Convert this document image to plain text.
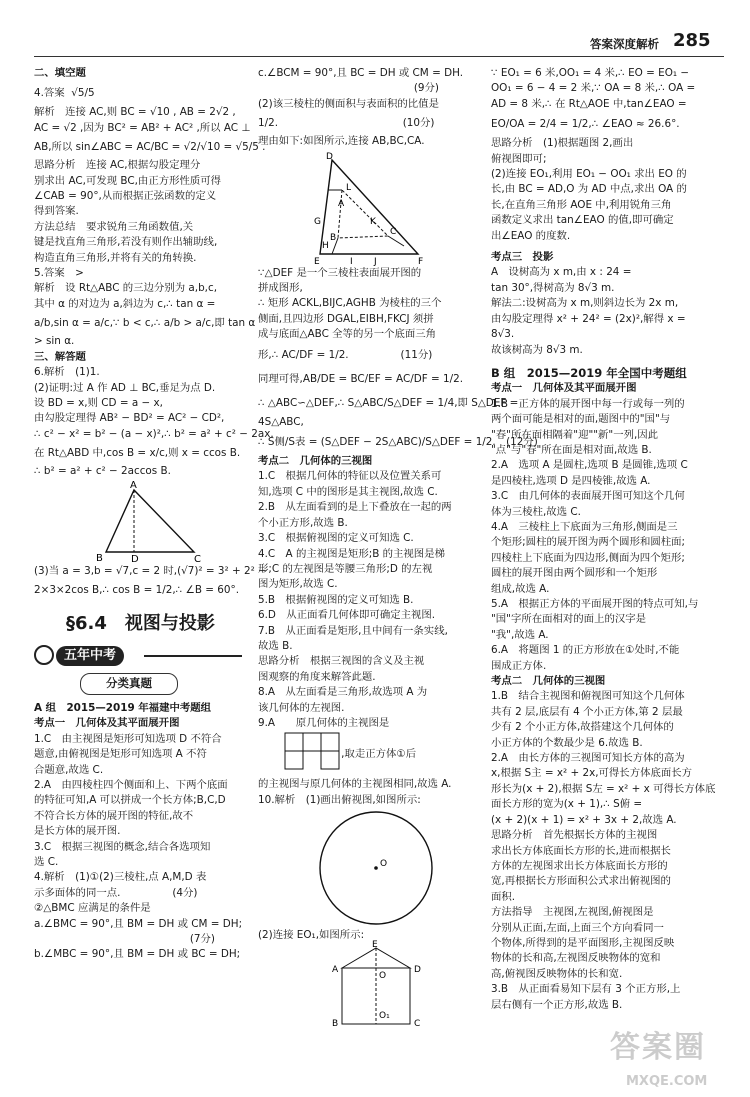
答案深度解析 285

二、填空题

4.答案  √5/5

解析　连接 AC,则 BC = √10 , AB = 2√2 ,

AC = √2 ,因为 BC² = AB² + AC² ,所以 AC ⊥

AB,所以 sin∠ABC = AC/BC = √2/√10 = √5/5 .

思路分析　连接 AC,根据勾股定理分

别求出 AC,可发现 BC,由正方形性质可得

∠CAB = 90°,从而根据正弦函数的定义

得到答案.

方法总结　要求锐角三角函数值,关

键是找直角三角形,若没有则作出辅助线,

构造直角三角形,并将有关的角转换.

5.答案　>

解析　设 Rt△ABC 的三边分别为 a,b,c,

其中 α 的对边为 a,斜边为 c,∴ tan α =

a/b,sin α = a/c,∵ b < c,∴ a/b > a/c,即 tan α

> sin α.

三、解答题

6.解析　(1)1.

(2)证明:过 A 作 AD ⊥ BC,垂足为点 D.

设 BD = x,则 CD = a − x,

由勾股定理得 AB² − BD² = AC² − CD²,

∴ c² − x² = b² − (a − x)²,∴ b² = a² + c² − 2ax.

在 Rt△ABD 中,cos B = x/c,则 x = ccos B.

∴ b² = a² + c² − 2accos B.

A
B	D	C

(3)当 a = 3,b = √7,c = 2 时,(√7)² = 3² + 2² −

2×3×2cos B,∴ cos B = 1/2,∴ ∠B = 60°.

§6.4　视图与投影

五年中考
分类真题

A 组　2015—2019 年福建中考题组

考点一　几何体及其平面展开图

1.C　由主视图是矩形可知选项 D 不符合

题意,由俯视图是矩形可知选项 A 不符

合题意,故选 C.

2.A　由四棱柱四个侧面和上、下两个底面

的特征可知,A 可以拼成一个长方体;B,C,D

不符合长方体的展开图的特征,故不

是长方体的展开图.

3.C　根据三视图的概念,结合各选项知

选 C.

4.解析　(1)①(2)三棱柱,点 A,M,D 表

示多面体的同一点.　　　　　(4分)

②△BMC 应满足的条件是

a.∠BMC = 90°,且 BM = DH 或 CM = DH;

　　　　　　　　　　　　　　　(7分)

b.∠MBC = 90°,且 BM = DH 或 BC = DH;

c.∠BCM = 90°,且 BC = DH 或 CM = DH.

　　　　　　　　　　　　　　　(9分)

(2)该三棱柱的侧面积与表面积的比值是

1/2.　　　　　　　　　　　　(10分)

理由如下:如图所示,连接 AB,BC,CA.

D
L
A
B
C
G
H
K
I J
E	F

∵△DEF 是一个三棱柱表面展开图的

拼成图形,

∴ 矩形 ACKL,BIJC,AGHB 为棱柱的三个

侧面,且四边形 DGAL,EIBH,FKCJ 须拼

成与底面△ABC 全等的另一个底面三角

形,∴ AC/DF = 1/2.　　　　　(11分)

同理可得,AB/DE = BC/EF = AC/DF = 1/2.

∴ △ABC∽△DEF,∴ S△ABC/S△DEF = 1/4,即 S△DEF =

4S△ABC,

∴ S侧/S表 = (S△DEF − 2S△ABC)/S△DEF = 1/2.　(12分)

考点二　几何体的三视图

1.C　根据几何体的特征以及位置关系可

知,选项 C 中的图形是其主视图,故选 C.

2.B　从左面看到的是上下叠放在一起的两

个小正方形,故选 B.

3.C　根据俯视图的定义可知选 C.

4.C　A 的主视图是矩形;B 的主视图是梯

形;C 的左视图是等腰三角形;D 的左视

图为矩形,故选 C.

5.B　根据俯视图的定义可知选 B.

6.D　从正面看几何体即可确定主视图.

7.B　从正面看是矩形,且中间有一条实线,

故选 B.

思路分析　根据三视图的含义及主视

图观察的角度来解答此题.

8.A　从左面看是三角形,故选项 A 为

该几何体的左视图.

9.A　　原几何体的主视图是

　　　　　　　　,取走正方体①后

的主视图与原几何体的主视图相同,故选 A.

10.解析　(1)画出俯视图,如图所示:

O

(2)连接 EO₁,如图所示:

E
A	D
O
O₁
B	C

∵ EO₁ = 6 米,OO₁ = 4 米,∴ EO = EO₁ −

OO₁ = 6 − 4 = 2 米,∵ OA = 8 米,∴ OA =

AD = 8 米,∴ 在 Rt△AOE 中,tan∠EAO =

EO/OA = 2/4 = 1/2,∴ ∠EAO ≈ 26.6°.

思路分析　(1)根据题图 2,画出

俯视图即可;

(2)连接 EO₁,利用 EO₁ − OO₁ 求出 EO 的

长,由 BC = AD,O 为 AD 中点,求出 OA 的

长,在直角三角形 AOE 中,利用锐角三角

函数定义求出 tan∠EAO 的值,即可确定

出∠EAO 的度数.

考点三　投影

A　设树高为 x m,由 x : 24 =

tan 30°,得树高为 8√3 m.

解法二:设树高为 x m,则斜边长为 2x m,

由勾股定理得 x² + 24² = (2x)²,解得 x =

8√3.

故该树高为 8√3 m.

B 组　2015—2019 年全国中考题组

考点一　几何体及其平面展开图

1.B　正方体的展开图中每一行或每一列的

两个面可能是相对的面,题图中的"国"与

"春"所在面相隔着"迎""新"一列,因此

"点"与"春"所在面是相对面,故选 B.

2.A　选项 A 是圆柱,选项 B 是圆锥,选项 C

是四棱柱,选项 D 是四棱锥,故选 A.

3.C　由几何体的表面展开图可知这个几何

体为三棱柱,故选 C.

4.A　三棱柱上下底面为三角形,侧面是三

个矩形;圆柱的展开图为两个圆形和圆柱面;

四棱柱上下底面为四边形,侧面为四个矩形;

圆柱的展开图由两个圆形和一个矩形

组成,故选 A.

5.A　根据正方体的平面展开图的特点可知,与

"国"字所在面相对的面上的汉字是

"我",故选 A.

6.A　将题图 1 的正方形放在①处时,不能

围成正方体.

考点二　几何体的三视图

1.B　结合主视图和俯视图可知这个几何体

共有 2 层,底层有 4 个小正方体,第 2 层最

少有 2 个小正方体,故搭建这个几何体的

小正方体的个数最少是 6.故选 B.

2.A　由长方体的三视图可知长方体的高为

x,根据 S主 = x² + 2x,可得长方体底面长方

形长为(x + 2),根据 S左 = x² + x 可得长方体底

面长方形的宽为(x + 1),∴ S俯 =

(x + 2)(x + 1) = x² + 3x + 2,故选 A.

思路分析　首先根据长方体的主视图

求出长方体底面长方形的长,进而根据长

方体的左视图求出长方体底面长方形的

宽,再根据长方形面积公式求出俯视图的

面积.

方法指导　主视图,左视图,俯视图是

分别从正面,左面,上面三个方向看同一

个物体,所得到的是平面图形,主视图反映

物体的长和高,左视图反映物体的宽和

高,俯视图反映物体的长和宽.

3.B　从正面看易知下层有 3 个正方形,上

层右侧有一个正方形,故选 B.

答案圈
MXQE.COM
